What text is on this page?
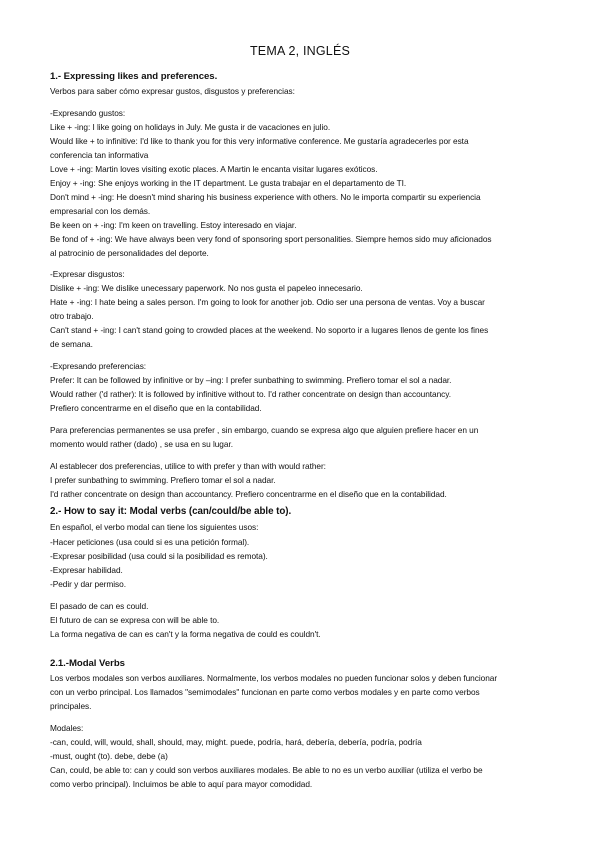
TEMA 2, INGLÉS
1.- Expressing likes and preferences.
Verbos para saber cómo expresar gustos, disgustos y preferencias:
-Expresando gustos:
Like + -ing: I like going on holidays in July. Me gusta ir de vacaciones en julio.
Would like + to infinitive: I'd like to thank you for this very informative conference. Me gustaría agradecerles por esta
conferencia tan informativa
Love + -ing: Martin loves visiting exotic places. A Martin le encanta visitar lugares exóticos.
Enjoy + -ing: She enjoys working in the IT department. Le gusta trabajar en el departamento de TI.
Don't mind + -ing: He doesn't mind sharing his business experience with others. No le importa compartir su experiencia
empresarial con los demás.
Be keen on + -ing: I'm keen on travelling. Estoy interesado en viajar.
Be fond of + -ing: We have always been very fond of sponsoring sport personalities. Siempre hemos sido muy aficionados
al patrocinio de personalidades del deporte.
-Expresar disgustos:
Dislike + -ing: We dislike unecessary paperwork. No nos gusta el papeleo innecesario.
Hate + -ing: I hate being a sales person. I'm going to look for another job. Odio ser una persona de ventas. Voy a buscar
otro trabajo.
Can't stand + -ing: I can't stand going to crowded places at the weekend. No soporto ir a lugares llenos de gente los fines
de semana.
-Expresando preferencias:
Prefer: It can be followed by infinitive or by –ing: I prefer sunbathing to swimming. Prefiero tomar el sol a nadar.
Would rather ('d rather): It is followed by infinitive without to. I'd rather concentrate on design than accountancy.
Prefiero concentrarme en el diseño que en la contabilidad.
Para preferencias permanentes se usa prefer , sin embargo, cuando se expresa algo que alguien prefiere hacer en un
momento would rather (dado) , se usa en su lugar.
Al establecer dos preferencias, utilice to with prefer y than with would rather:
I prefer sunbathing to swimming. Prefiero tomar el sol a nadar.
I'd rather concentrate on design than accountancy. Prefiero concentrarme en el diseño que en la contabilidad.
2.- How to say it: Modal verbs (can/could/be able to).
En español, el verbo modal can tiene los siguientes usos:
-Hacer peticiones (usa could si es una petición formal).
-Expresar posibilidad (usa could si la posibilidad es remota).
-Expresar habilidad.
-Pedir y dar permiso.
El pasado de can es could.
El futuro de can se expresa con will be able to.
La forma negativa de can es can't y la forma negativa de could es couldn't.
2.1.-Modal Verbs
Los verbos modales son verbos auxiliares. Normalmente, los verbos modales no pueden funcionar solos y deben funcionar
con un verbo principal. Los llamados "semimodales" funcionan en parte como verbos modales y en parte como verbos
principales.
Modales:
-can, could, will, would, shall, should, may, might. puede, podría, hará, debería, debería, podría, podría
-must, ought (to). debe, debe (a)
Can, could, be able to: can y could son verbos auxiliares modales. Be able to no es un verbo auxiliar (utiliza el verbo be
como verbo principal). Incluimos be able to aquí para mayor comodidad.
